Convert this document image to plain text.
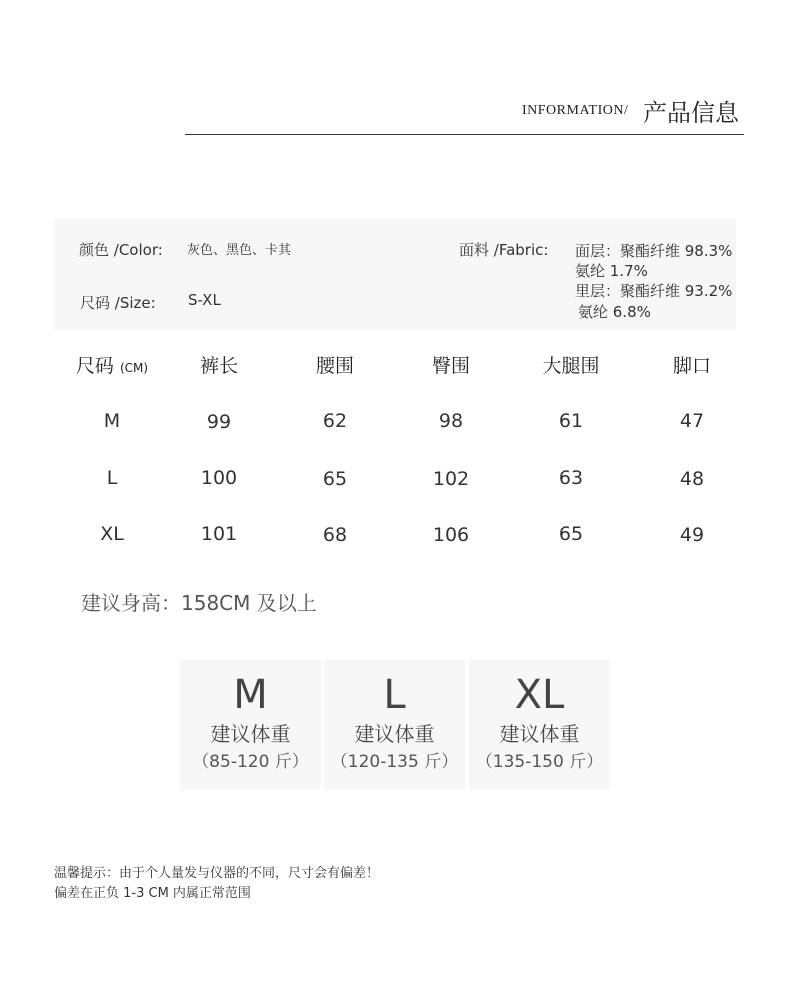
INFORMATION/ 产品信息
颜色 /Color: 灰色、黑色、卡其
尺码 /Size: S-XL
面料 /Fabric: 面层：聚酯纤维 98.3%
氨纶 1.7%
里层：聚酯纤维 93.2%
氨纶 6.8%
尺码 (CM)	裤长	腰围	臀围	大腿围	脚口
M	99	62	98	61	47
L	100	65	102	63	48
XL	101	68	106	65	49
建议身高：158CM 及以上
M
建议体重
（85-120 斤）
L
建议体重
（120-135 斤）
XL
建议体重
（135-150 斤）
温馨提示：由于个人量发与仪器的不同，尺寸会有偏差！
偏差在正负 1-3 CM 内属正常范围
